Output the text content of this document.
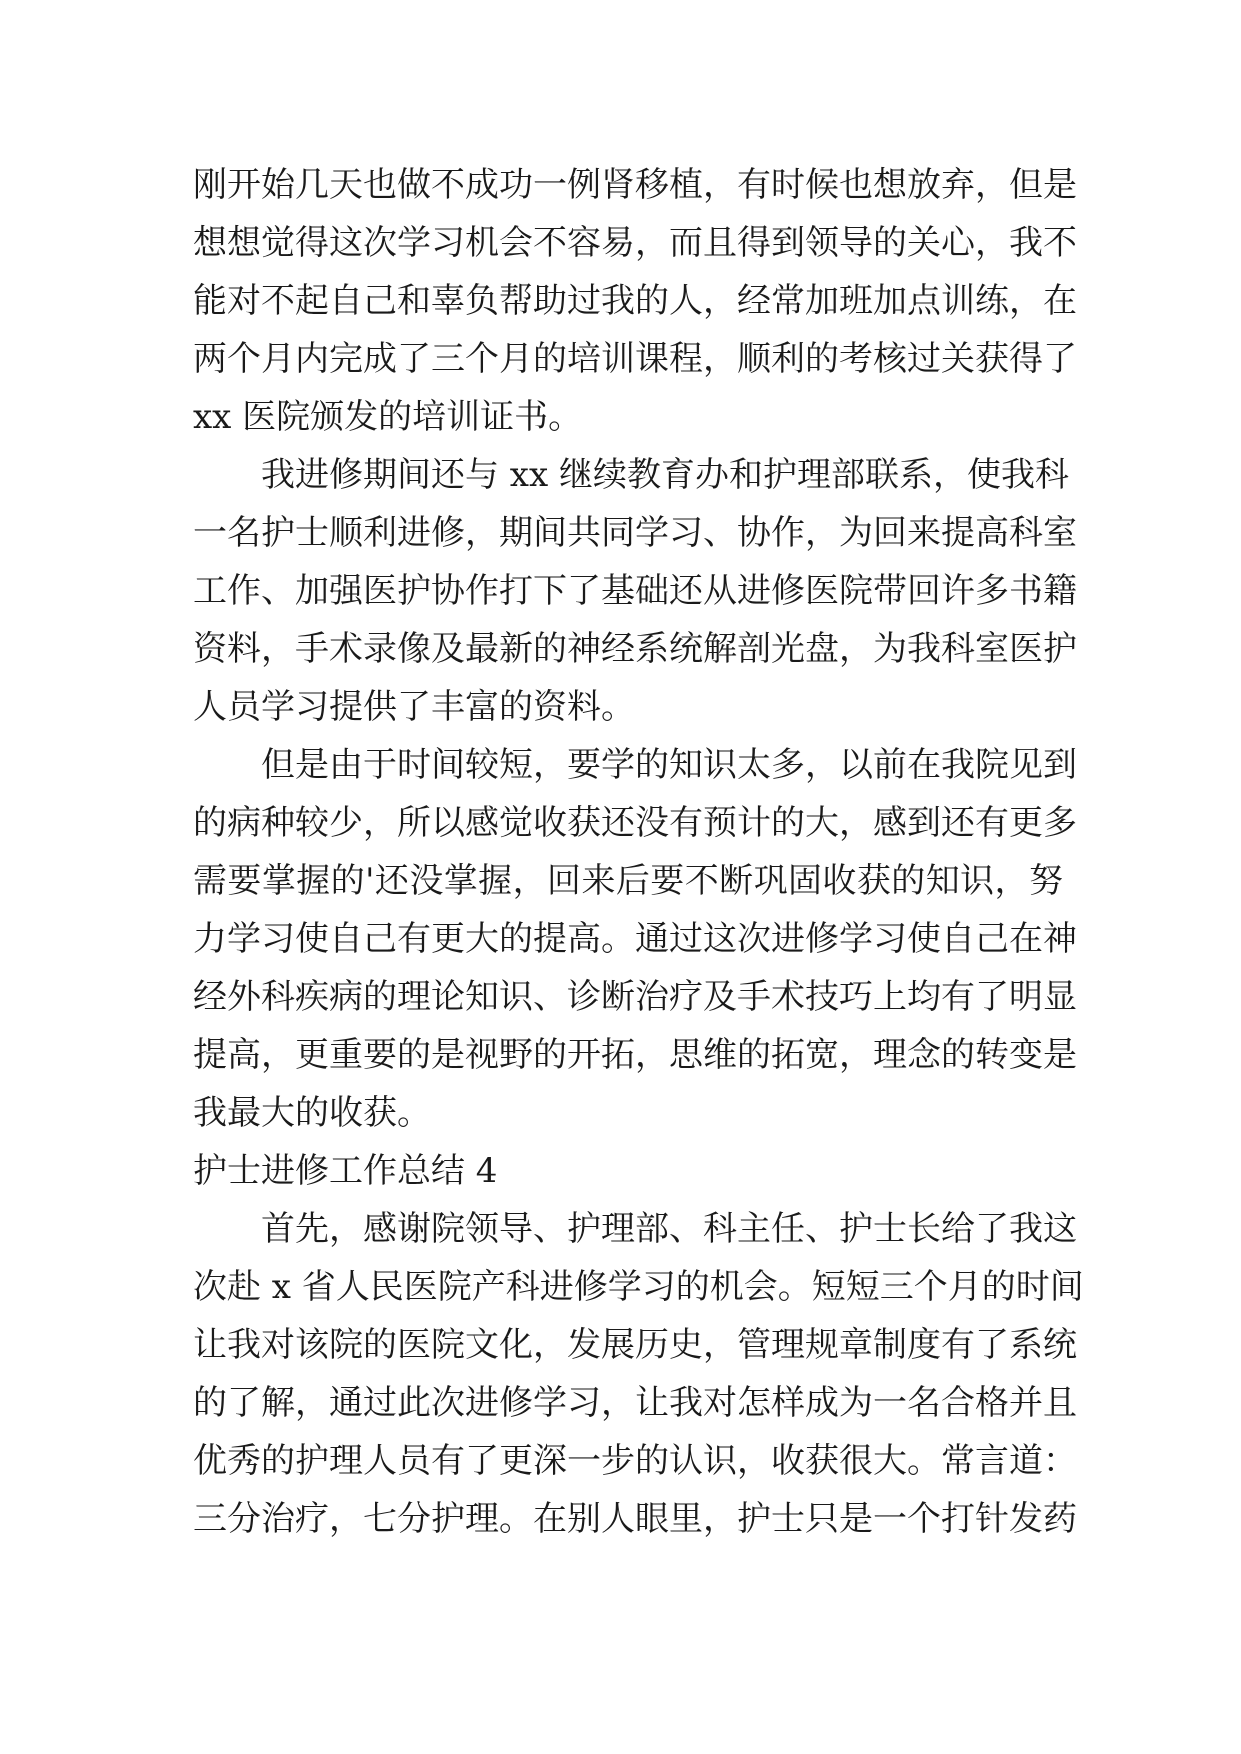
刚开始几天也做不成功一例肾移植，有时候也想放弃，但是
想想觉得这次学习机会不容易，而且得到领导的关心，我不
能对不起自己和辜负帮助过我的人，经常加班加点训练，在
两个月内完成了三个月的培训课程，顺利的考核过关获得了
xx 医院颁发的培训证书。
我进修期间还与 xx 继续教育办和护理部联系，使我科
一名护士顺利进修，期间共同学习、协作，为回来提高科室
工作、加强医护协作打下了基础还从进修医院带回许多书籍
资料，手术录像及最新的神经系统解剖光盘，为我科室医护
人员学习提供了丰富的资料。
但是由于时间较短，要学的知识太多，以前在我院见到
的病种较少，所以感觉收获还没有预计的大，感到还有更多
需要掌握的'还没掌握，回来后要不断巩固收获的知识，努
力学习使自己有更大的提高。通过这次进修学习使自己在神
经外科疾病的理论知识、诊断治疗及手术技巧上均有了明显
提高，更重要的是视野的开拓，思维的拓宽，理念的转变是
我最大的收获。
护士进修工作总结 4
首先，感谢院领导、护理部、科主任、护士长给了我这
次赴 x 省人民医院产科进修学习的机会。短短三个月的时间
让我对该院的医院文化，发展历史，管理规章制度有了系统
的了解，通过此次进修学习，让我对怎样成为一名合格并且
优秀的护理人员有了更深一步的认识，收获很大。常言道：
三分治疗，七分护理。在别人眼里，护士只是一个打针发药
